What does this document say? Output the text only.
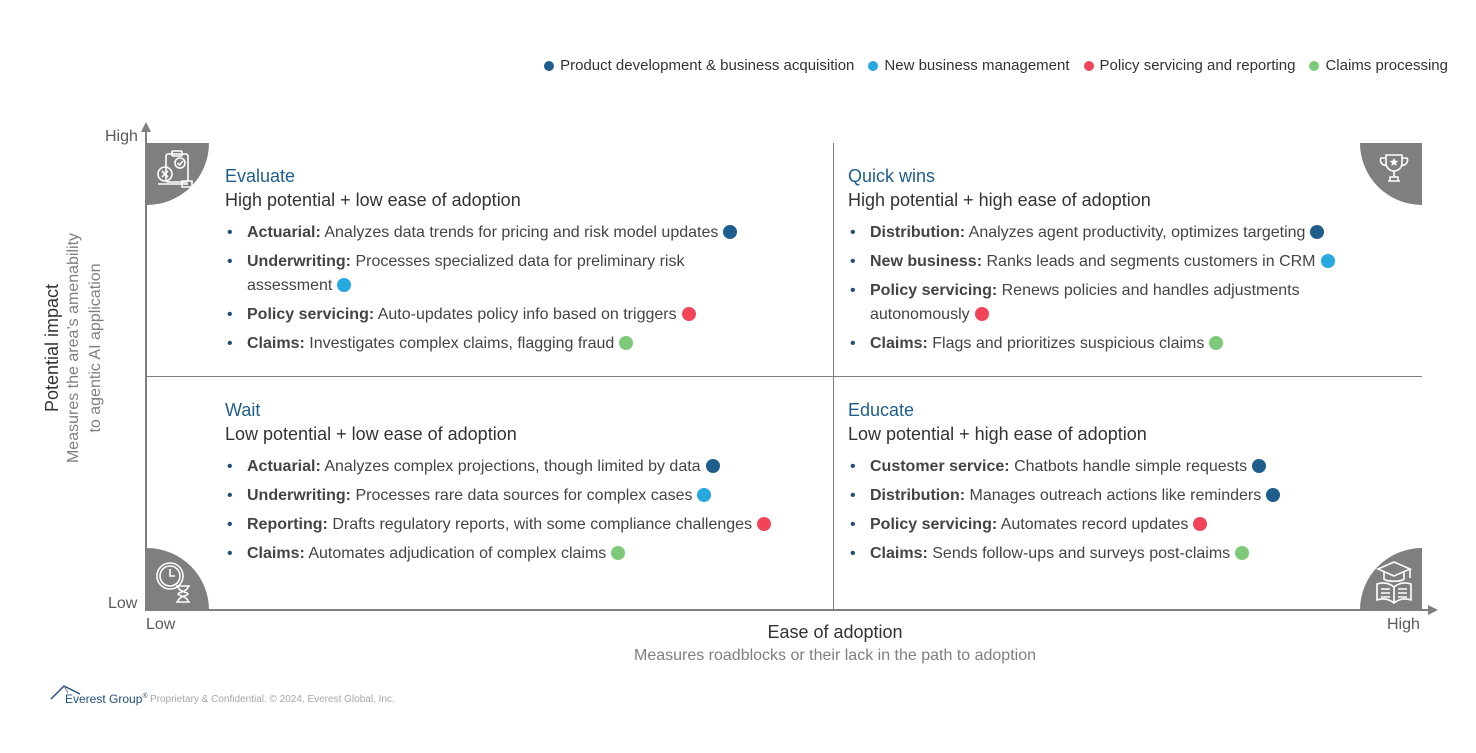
Product development & business acquisition New business management Policy servicing and reporting Claims processing
High
Low
Low	High
Potential impact Measures the area’s amenability to agentic AI application
Ease of adoption
Measures roadblocks or their lack in the path to adoption
Evaluate
High potential + low ease of adoption
• Actuarial: Analyzes data trends for pricing and risk model updates
• Underwriting: Processes specialized data for preliminary risk assessment
• Policy servicing: Auto-updates policy info based on triggers
• Claims: Investigates complex claims, flagging fraud
Quick wins
High potential + high ease of adoption
• Distribution: Analyzes agent productivity, optimizes targeting
• New business: Ranks leads and segments customers in CRM
• Policy servicing: Renews policies and handles adjustments autonomously
• Claims: Flags and prioritizes suspicious claims
Wait
Low potential + low ease of adoption
• Actuarial: Analyzes complex projections, though limited by data
• Underwriting: Processes rare data sources for complex cases
• Reporting: Drafts regulatory reports, with some compliance challenges
• Claims: Automates adjudication of complex claims
Educate
Low potential + high ease of adoption
• Customer service: Chatbots handle simple requests
• Distribution: Manages outreach actions like reminders
• Policy servicing: Automates record updates
• Claims: Sends follow-ups and surveys post-claims
Everest Group® Proprietary & Confidential. © 2024, Everest Global, Inc.
